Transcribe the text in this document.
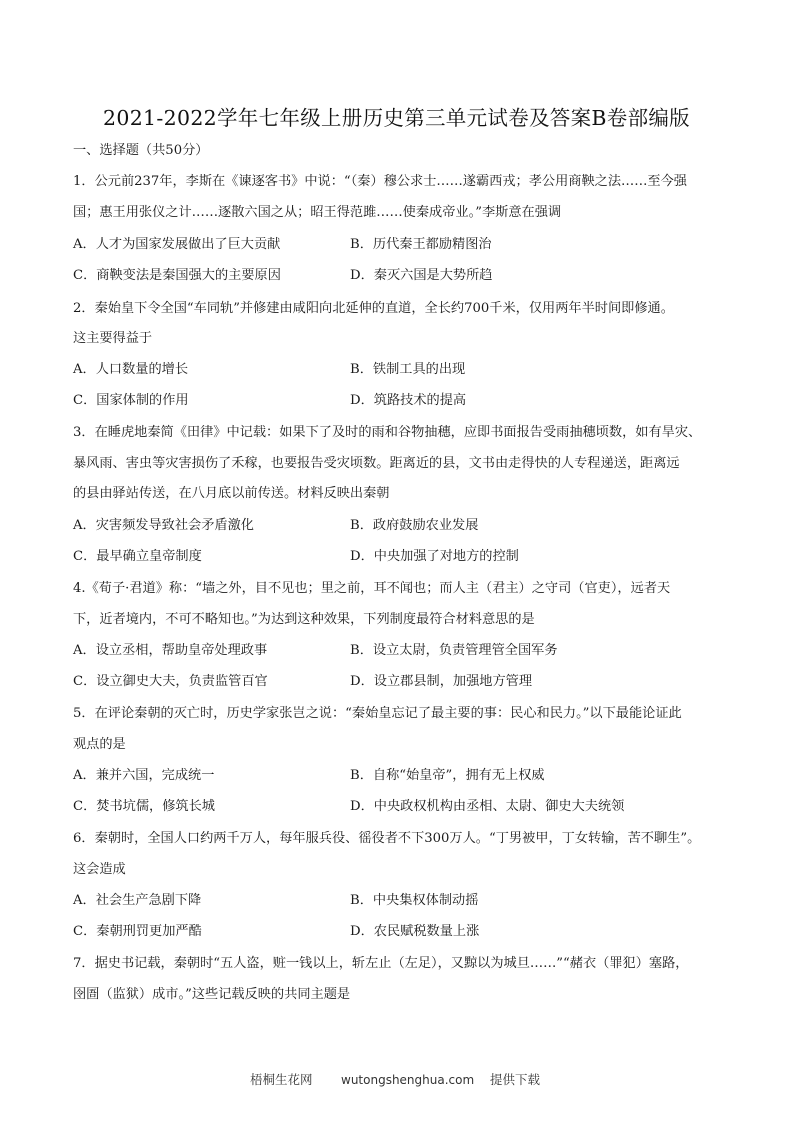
2021-2022学年七年级上册历史第三单元试卷及答案B卷部编版
一、选择题（共50分）
1．公元前237年，李斯在《谏逐客书》中说：“（秦）穆公求士……遂霸西戎；孝公用商鞅之法……至今强
国；惠王用张仪之计……逐散六国之从；昭王得范雎……使秦成帝业。”李斯意在强调
A．人才为国家发展做出了巨大贡献	B．历代秦王都励精图治
C．商鞅变法是秦国强大的主要原因	D．秦灭六国是大势所趋
2．秦始皇下令全国“车同轨”并修建由咸阳向北延伸的直道，全长约700千米，仅用两年半时间即修通。
这主要得益于
A．人口数量的增长	B．铁制工具的出现
C．国家体制的作用	D．筑路技术的提高
3．在睡虎地秦简《田律》中记载：如果下了及时的雨和谷物抽穗，应即书面报告受雨抽穗顷数，如有旱灾、
暴风雨、害虫等灾害损伤了禾稼，也要报告受灾顷数。距离近的县，文书由走得快的人专程递送，距离远
的县由驿站传送，在八月底以前传送。材料反映出秦朝
A．灾害频发导致社会矛盾激化	B．政府鼓励农业发展
C．最早确立皇帝制度	D．中央加强了对地方的控制
4.《荀子·君道》称：“墙之外，目不见也；里之前，耳不闻也；而人主（君主）之守司（官吏），远者天
下，近者境内，不可不略知也。”为达到这种效果，下列制度最符合材料意思的是
A．设立丞相，帮助皇帝处理政事	B．设立太尉，负责管理管全国军务
C．设立御史大夫，负责监管百官	D．设立郡县制，加强地方管理
5．在评论秦朝的灭亡时，历史学家张岂之说：“秦始皇忘记了最主要的事：民心和民力。”以下最能论证此
观点的是
A．兼并六国，完成统一	B．自称“始皇帝”，拥有无上权威
C．焚书坑儒，修筑长城	D．中央政权机构由丞相、太尉、御史大夫统领
6．秦朝时，全国人口约两千万人，每年服兵役、徭役者不下300万人。“丁男被甲，丁女转输，苦不聊生”。
这会造成
A．社会生产急剧下降	B．中央集权体制动摇
C．秦朝刑罚更加严酷	D．农民赋税数量上涨
7．据史书记载，秦朝时“五人盗，赃一钱以上，斩左止（左足），又黥以为城旦……”“赭衣（罪犯）塞路，
囹圄（监狱）成市。”这些记载反映的共同主题是
梧桐生花网 wutongshenghua.com 提供下载
